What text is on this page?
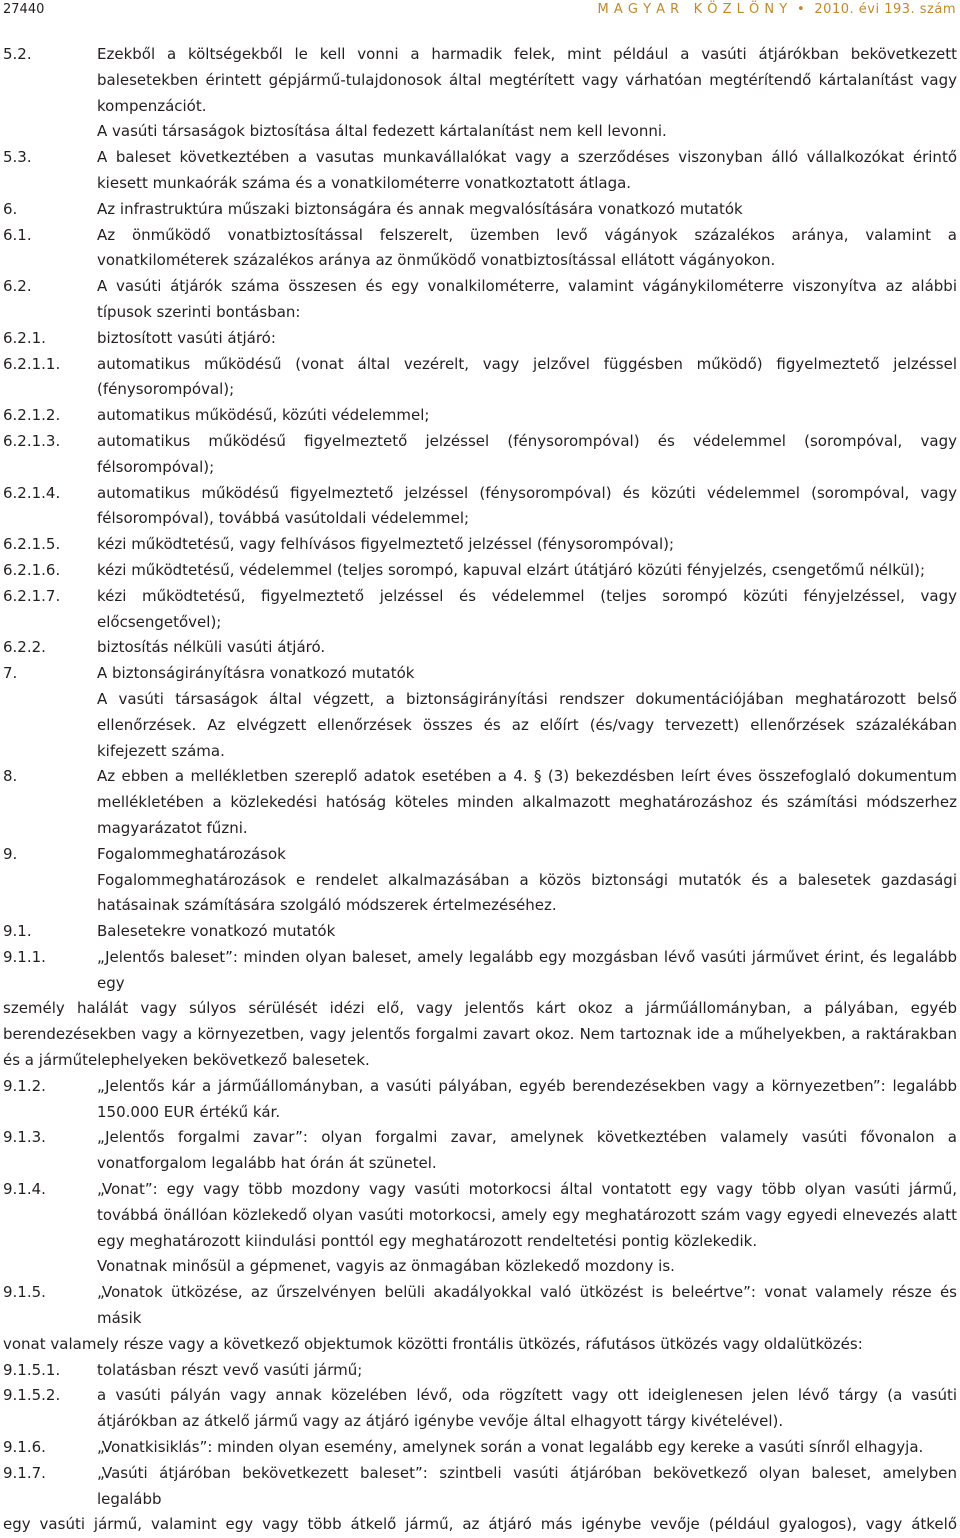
27440	M A G Y A R   K Ö Z L Ö N Y  •  2010. évi 193. szám
5.2.	Ezekből a költségekből le kell vonni a harmadik felek, mint például a vasúti átjárókban bekövetkezett balesetekben érintett gépjármű-tulajdonosok által megtérített vagy várhatóan megtérítendő kártalanítást vagy kompenzációt.
A vasúti társaságok biztosítása által fedezett kártalanítást nem kell levonni.
5.3.	A baleset következtében a vasutas munkavállalókat vagy a szerződéses viszonyban álló vállalkozókat érintő kiesett munkaórák száma és a vonatkilométerre vonatkoztatott átlaga.
6.	Az infrastruktúra műszaki biztonságára és annak megvalósítására vonatkozó mutatók
6.1.	Az önműködő vonatbiztosítással felszerelt, üzemben levő vágányok százalékos aránya, valamint a vonatkilométerek százalékos aránya az önműködő vonatbiztosítással ellátott vágányokon.
6.2.	A vasúti átjárók száma összesen és egy vonalkilométerre, valamint vágánykilométerre viszonyítva az alábbi típusok szerinti bontásban:
6.2.1.	biztosított vasúti átjáró:
6.2.1.1.	automatikus működésű (vonat által vezérelt, vagy jelzővel függésben működő) figyelmeztető jelzéssel (fénysorompóval);
6.2.1.2.	automatikus működésű, közúti védelemmel;
6.2.1.3.	automatikus működésű figyelmeztető jelzéssel (fénysorompóval) és védelemmel (sorompóval, vagy félsorompóval);
6.2.1.4.	automatikus működésű figyelmeztető jelzéssel (fénysorompóval) és közúti védelemmel (sorompóval, vagy félsorompóval), továbbá vasútoldali védelemmel;
6.2.1.5.	kézi működtetésű, vagy felhívásos figyelmeztető jelzéssel (fénysorompóval);
6.2.1.6.	kézi működtetésű, védelemmel (teljes sorompó, kapuval elzárt útátjáró közúti fényjelzés, csengetőmű nélkül);
6.2.1.7.	kézi működtetésű, figyelmeztető jelzéssel és védelemmel (teljes sorompó közúti fényjelzéssel, vagy előcsengetővel);
6.2.2.	biztosítás nélküli vasúti átjáró.
7.	A biztonságirányításra vonatkozó mutatók
A vasúti társaságok által végzett, a biztonságirányítási rendszer dokumentációjában meghatározott belső ellenőrzések. Az elvégzett ellenőrzések összes és az előírt (és/vagy tervezett) ellenőrzések százalékában kifejezett száma.
8.	Az ebben a mellékletben szereplő adatok esetében a 4. § (3) bekezdésben leírt éves összefoglaló dokumentum mellékletében a közlekedési hatóság köteles minden alkalmazott meghatározáshoz és számítási módszerhez magyarázatot fűzni.
9.	Fogalommeghatározások
Fogalommeghatározások e rendelet alkalmazásában a közös biztonsági mutatók és a balesetek gazdasági hatásainak számítására szolgáló módszerek értelmezéséhez.
9.1.	Balesetekre vonatkozó mutatók
9.1.1.	„Jelentős baleset”: minden olyan baleset, amely legalább egy mozgásban lévő vasúti járművet érint, és legalább egy
személy halálát vagy súlyos sérülését idézi elő, vagy jelentős kárt okoz a járműállományban, a pályában, egyéb berendezésekben vagy a környezetben, vagy jelentős forgalmi zavart okoz. Nem tartoznak ide a műhelyekben, a raktárakban és a járműtelephelyeken bekövetkező balesetek.
9.1.2.	„Jelentős kár a járműállományban, a vasúti pályában, egyéb berendezésekben vagy a környezetben”: legalább 150.000 EUR értékű kár.
9.1.3.	„Jelentős forgalmi zavar”: olyan forgalmi zavar, amelynek következtében valamely vasúti fővonalon a vonatforgalom legalább hat órán át szünetel.
9.1.4.	„Vonat”: egy vagy több mozdony vagy vasúti motorkocsi által vontatott egy vagy több olyan vasúti jármű, továbbá önállóan közlekedő olyan vasúti motorkocsi, amely egy meghatározott szám vagy egyedi elnevezés alatt egy meghatározott kiindulási ponttól egy meghatározott rendeltetési pontig közlekedik.
Vonatnak minősül a gépmenet, vagyis az önmagában közlekedő mozdony is.
9.1.5.	„Vonatok ütközése, az űrszelvényen belüli akadályokkal való ütközést is beleértve”: vonat valamely része és másik
vonat valamely része vagy a következő objektumok közötti frontális ütközés, ráfutásos ütközés vagy oldalütközés:
9.1.5.1.	tolatásban részt vevő vasúti jármű;
9.1.5.2.	a vasúti pályán vagy annak közelében lévő, oda rögzített vagy ott ideiglenesen jelen lévő tárgy (a vasúti átjárókban az átkelő jármű vagy az átjáró igénybe vevője által elhagyott tárgy kivételével).
9.1.6.	„Vonatkisiklás”: minden olyan esemény, amelynek során a vonat legalább egy kereke a vasúti sínről elhagyja.
9.1.7.	„Vasúti átjáróban bekövetkezett baleset”: szintbeli vasúti átjáróban bekövetkező olyan baleset, amelyben legalább
egy vasúti jármű, valamint egy vagy több átkelő jármű, az átjáró más igénybe vevője (például gyalogos), vagy átkelő
